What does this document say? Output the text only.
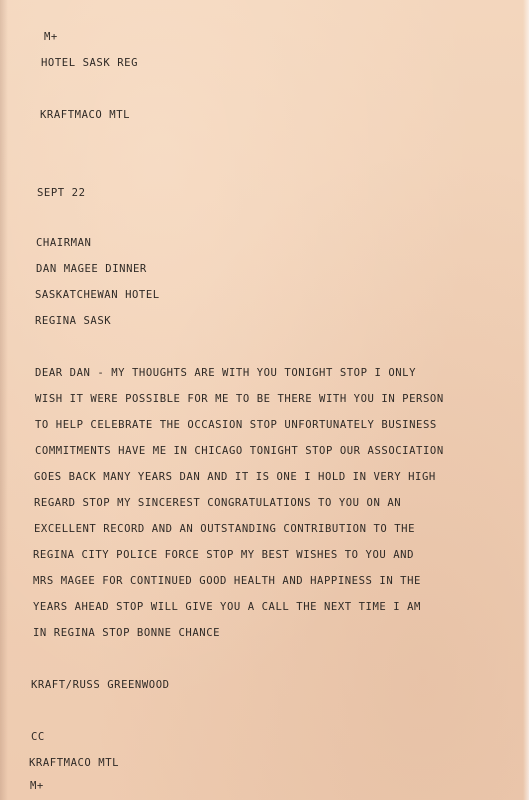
M+
HOTEL SASK REG
KRAFTMACO MTL
SEPT 22
CHAIRMAN
DAN MAGEE DINNER
SASKATCHEWAN HOTEL
REGINA SASK
DEAR DAN - MY THOUGHTS ARE WITH YOU TONIGHT STOP I ONLY
WISH IT WERE POSSIBLE FOR ME TO BE THERE WITH YOU IN PERSON
TO HELP CELEBRATE THE OCCASION STOP UNFORTUNATELY BUSINESS
COMMITMENTS HAVE ME IN CHICAGO TONIGHT STOP OUR ASSOCIATION
GOES BACK MANY YEARS DAN AND IT IS ONE I HOLD IN VERY HIGH
REGARD STOP MY SINCEREST CONGRATULATIONS TO YOU ON AN
EXCELLENT RECORD AND AN OUTSTANDING CONTRIBUTION TO THE
REGINA CITY POLICE FORCE STOP MY BEST WISHES TO YOU AND
MRS MAGEE FOR CONTINUED GOOD HEALTH AND HAPPINESS IN THE
YEARS AHEAD STOP WILL GIVE YOU A CALL THE NEXT TIME I AM
IN REGINA STOP BONNE CHANCE
KRAFT/RUSS GREENWOOD
CC
KRAFTMACO MTL
M+
